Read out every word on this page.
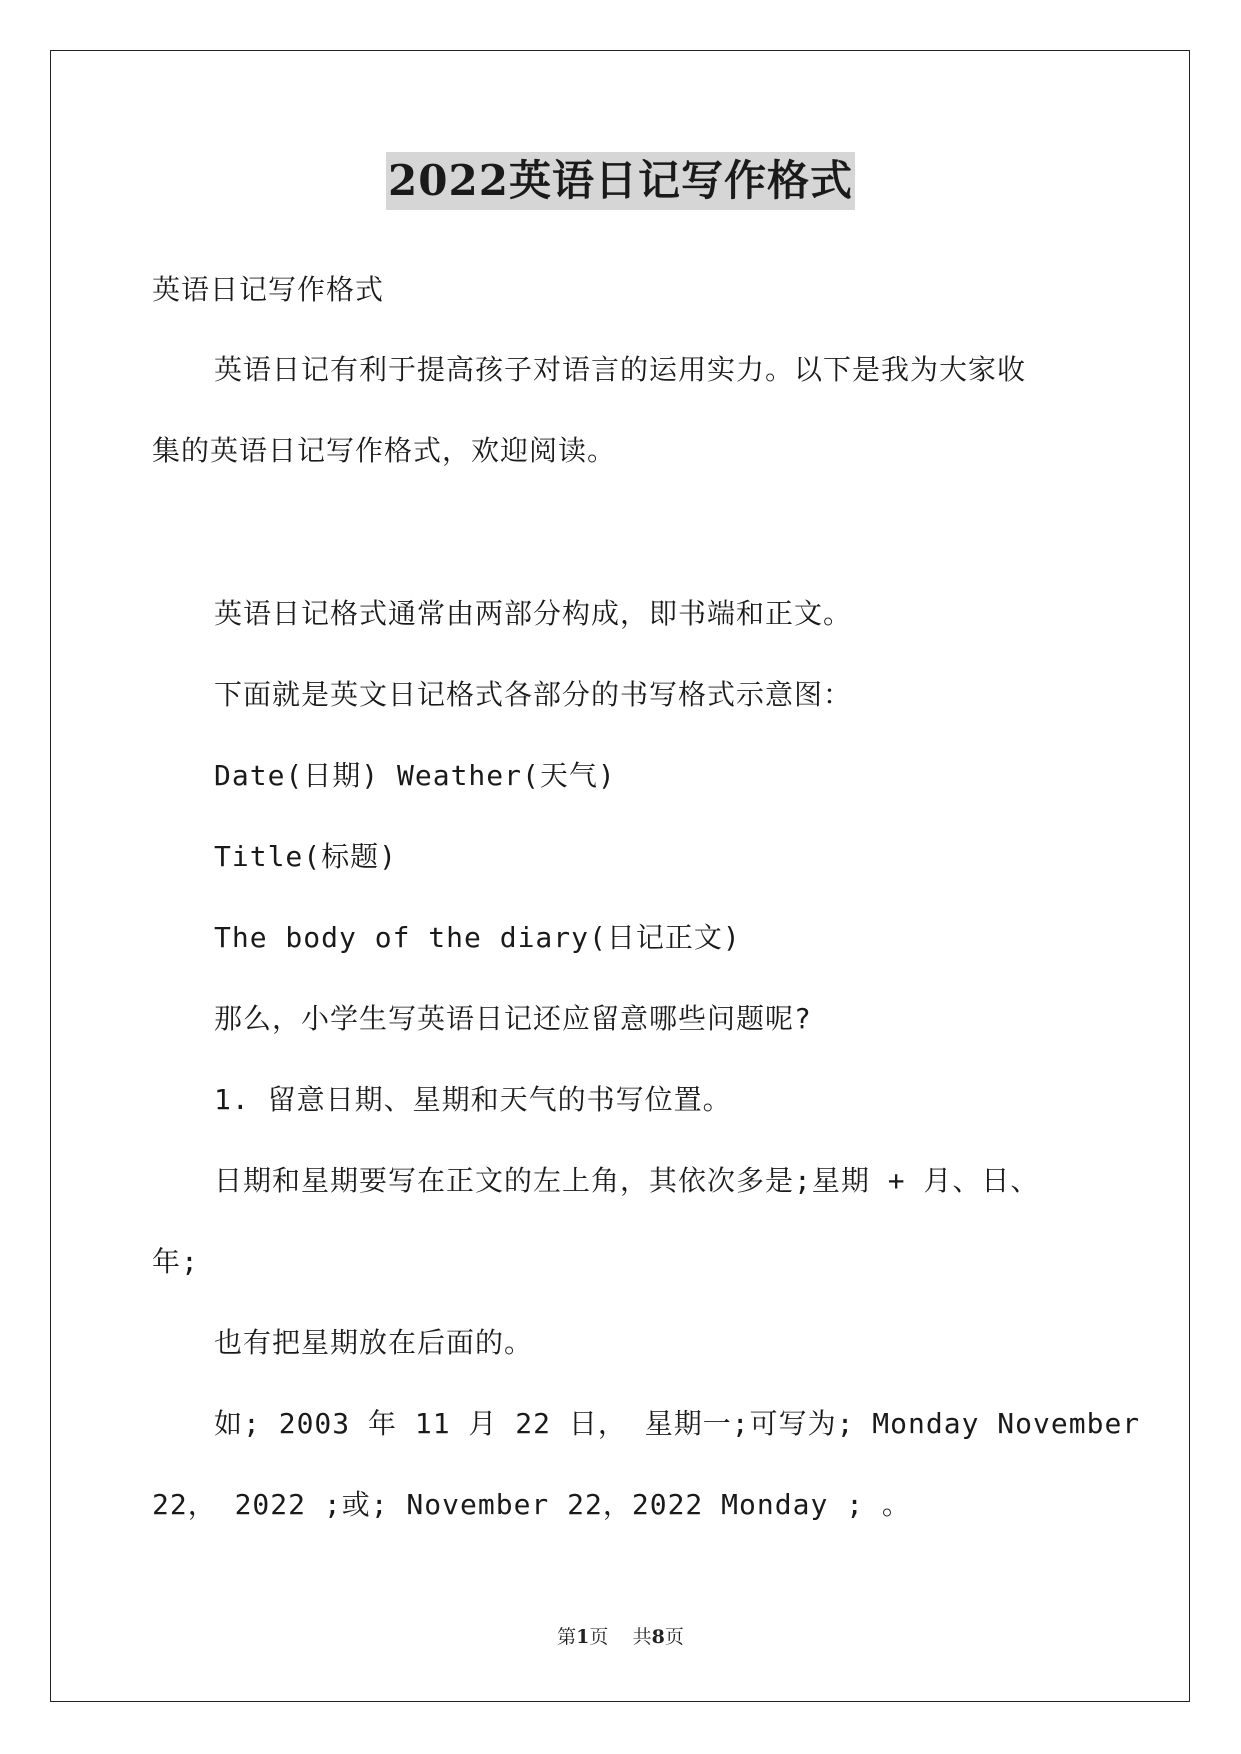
2022英语日记写作格式
英语日记写作格式
英语日记有利于提高孩子对语言的运用实力。以下是我为大家收
集的英语日记写作格式，欢迎阅读。
英语日记格式通常由两部分构成，即书端和正文。
下面就是英文日记格式各部分的书写格式示意图：
Date(日期) Weather(天气)
Title(标题)
The body of the diary(日记正文)
那么，小学生写英语日记还应留意哪些问题呢?
1. 留意日期、星期和天气的书写位置。
日期和星期要写在正文的左上角，其依次多是;星期 + 月、日、
年;
也有把星期放在后面的。
如; 2003 年 11 月 22 日， 星期一;可写为; Monday November
22， 2022 ;或; November 22，2022 Monday ; 。
第1页 共8页
